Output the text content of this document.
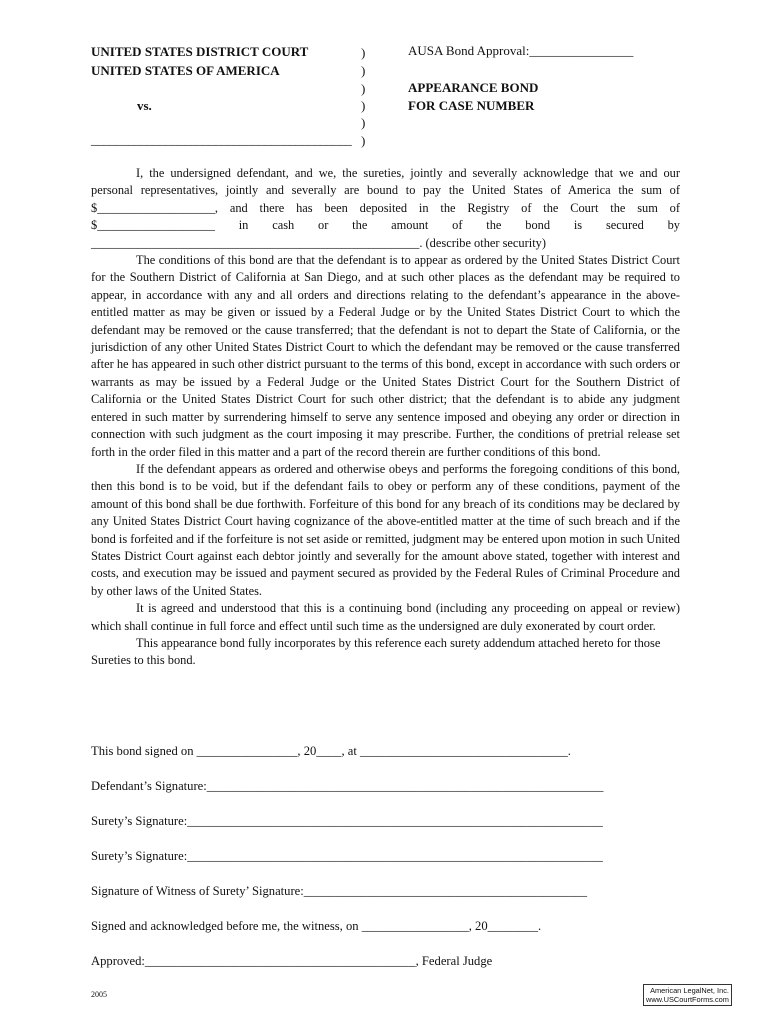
UNITED STATES DISTRICT COURT
UNITED STATES OF AMERICA
vs.
__________________________________________
)
)
)
)
)
)
AUSA Bond Approval:________________
APPEARANCE BOND
FOR CASE NUMBER

I, the undersigned defendant, and we, the sureties, jointly and severally acknowledge that we and our personal representatives, jointly and severally are bound to pay the United States of America the sum of $___________________, and there has been deposited in the Registry of the Court the sum of $___________________ in cash or the amount of the bond is secured by _____________________________________________________. (describe other security)

The conditions of this bond are that the defendant is to appear as ordered by the United States District Court for the Southern District of California at San Diego, and at such other places as the defendant may be required to appear, in accordance with any and all orders and directions relating to the defendant’s appearance in the above-entitled matter as may be given or issued by a Federal Judge or by the United States District Court to which the defendant may be removed or the cause transferred; that the defendant is not to depart the State of California, or the jurisdiction of any other United States District Court to which the defendant may be removed or the cause transferred after he has appeared in such other district pursuant to the terms of this bond, except in accordance with such orders or warrants as may be issued by a Federal Judge or the United States District Court for the Southern District of California or the United States District Court for such other district; that the defendant is to abide any judgment entered in such matter by surrendering himself to serve any sentence imposed and obeying any order or direction in connection with such judgment as the court imposing it may prescribe. Further, the conditions of pretrial release set forth in the order filed in this matter and a part of the record therein are further conditions of this bond.

If the defendant appears as ordered and otherwise obeys and performs the foregoing conditions of this bond, then this bond is to be void, but if the defendant fails to obey or perform any of these conditions, payment of the amount of this bond shall be due forthwith. Forfeiture of this bond for any breach of its conditions may be declared by any United States District Court having cognizance of the above-entitled matter at the time of such breach and if the bond is forfeited and if the forfeiture is not set aside or remitted, judgment may be entered upon motion in such United States District Court against each debtor jointly and severally for the amount above stated, together with interest and costs, and execution may be issued and payment secured as provided by the Federal Rules of Criminal Procedure and by other laws of the United States.

It is agreed and understood that this is a continuing bond (including any proceeding on appeal or review) which shall continue in full force and effect until such time as the undersigned are duly exonerated by court order.

This appearance bond fully incorporates by this reference each surety addendum attached hereto for those Sureties to this bond.

This bond signed on ________________, 20____, at _________________________________.
Defendant’s Signature:_______________________________________________________________
Surety’s Signature:__________________________________________________________________
Surety’s Signature:__________________________________________________________________
Signature of Witness of Surety’ Signature:_____________________________________________
Signed and acknowledged before me, the witness, on _________________, 20________.
Approved:___________________________________________, Federal Judge
2005	American LegalNet, Inc.
www.USCourtForms.com
